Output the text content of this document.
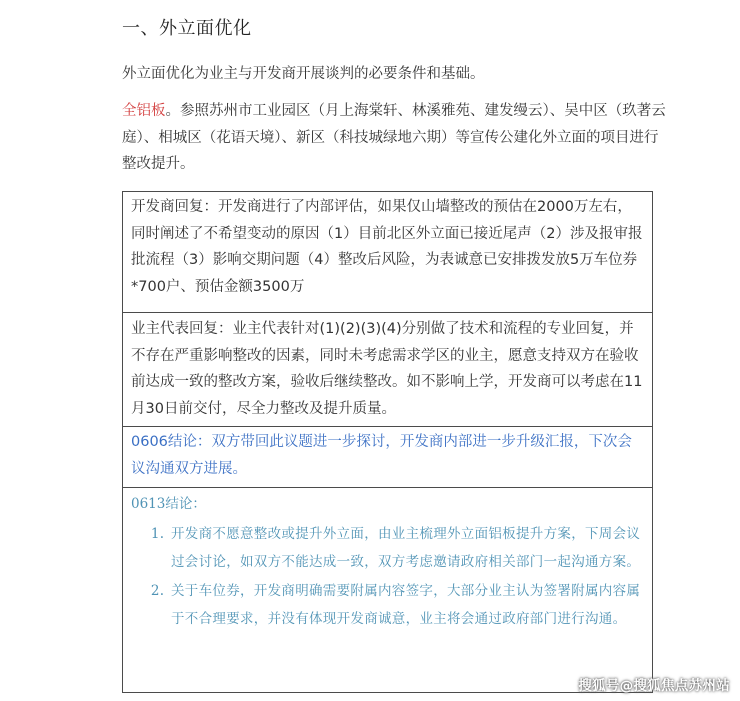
一、外立面优化
外立面优化为业主与开发商开展谈判的必要条件和基础。
全铝板。参照苏州市工业园区（月上海棠轩、林溪雅苑、建发缦云）、吴中区（玖著云庭）、相城区（花语天境）、新区（科技城绿地六期）等宣传公建化外立面的项目进行整改提升。
开发商回复：开发商进行了内部评估，如果仅山墙整改的预估在2000万左右，同时阐述了不希望变动的原因（1）目前北区外立面已接近尾声（2）涉及报审报批流程（3）影响交期问题（4）整改后风险，为表诚意已安排拨发放5万车位券*700户、预估金额3500万
业主代表回复：业主代表针对(1)(2)(3)(4)分别做了技术和流程的专业回复，并不存在严重影响整改的因素，同时未考虑需求学区的业主，愿意支持双方在验收前达成一致的整改方案，验收后继续整改。如不影响上学，开发商可以考虑在11月30日前交付，尽全力整改及提升质量。
0606结论：双方带回此议题进一步探讨，开发商内部进一步升级汇报，下次会议沟通双方进展。
0613结论：
1. 开发商不愿意整改或提升外立面，由业主梳理外立面铝板提升方案，下周会议过会讨论，如双方不能达成一致，双方考虑邀请政府相关部门一起沟通方案。
2. 关于车位券，开发商明确需要附属内容签字，大部分业主认为签署附属内容属于不合理要求，并没有体现开发商诚意，业主将会通过政府部门进行沟通。
搜狐号@搜狐焦点苏州站
